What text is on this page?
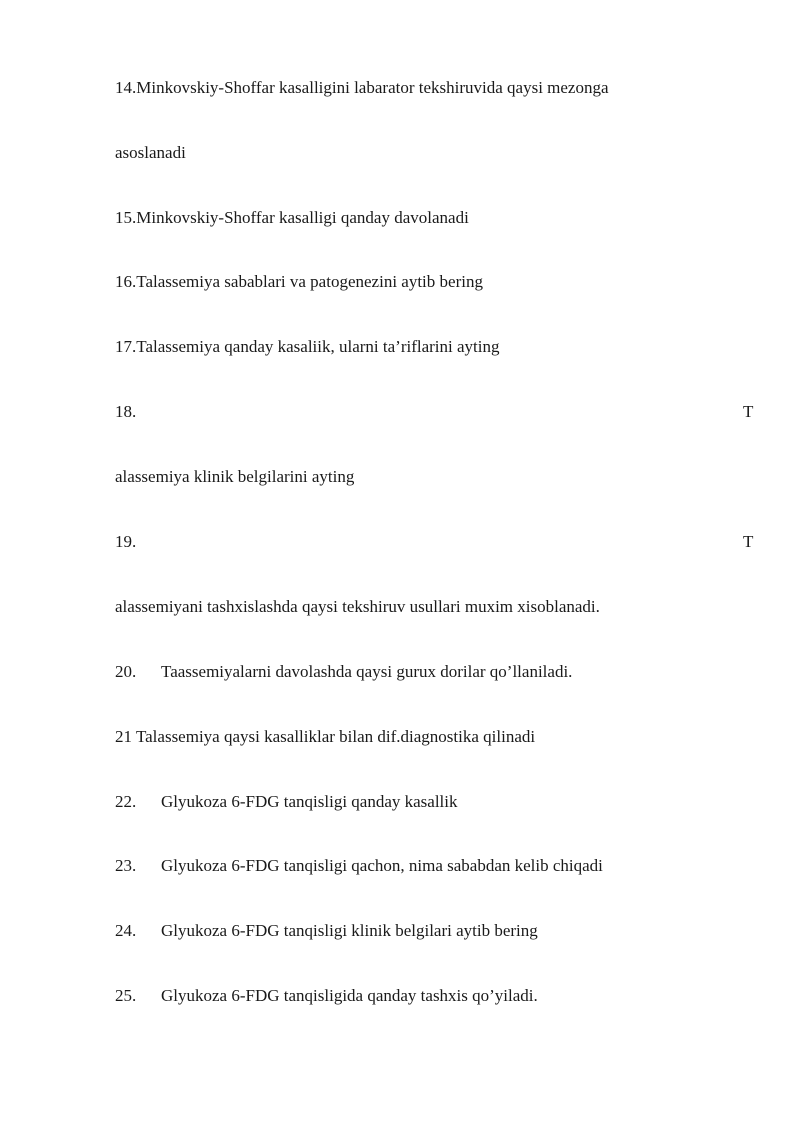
14.Minkovskiy-Shoffar kasalligini labarator tekshiruvida qaysi mezonga
asoslanadi
15.Minkovskiy-Shoffar kasalligi qanday davolanadi
16.Talassemiya sabablari va patogenezini aytib bering
17.Talassemiya qanday kasaliik, ularni ta’riflarini ayting
18.	T
alassemiya klinik belgilarini ayting
19.	T
alassemiyani tashxislashda qaysi tekshiruv usullari muxim xisoblanadi.
20. Taassemiyalarni davolashda qaysi gurux dorilar qo’llaniladi.
21 Talassemiya qaysi kasalliklar bilan dif.diagnostika qilinadi
22. Glyukoza 6-FDG tanqisligi qanday kasallik
23. Glyukoza 6-FDG tanqisligi qachon, nima sababdan kelib chiqadi
24. Glyukoza 6-FDG tanqisligi klinik belgilari aytib bering
25. Glyukoza 6-FDG tanqisligida qanday tashxis qo’yiladi.
